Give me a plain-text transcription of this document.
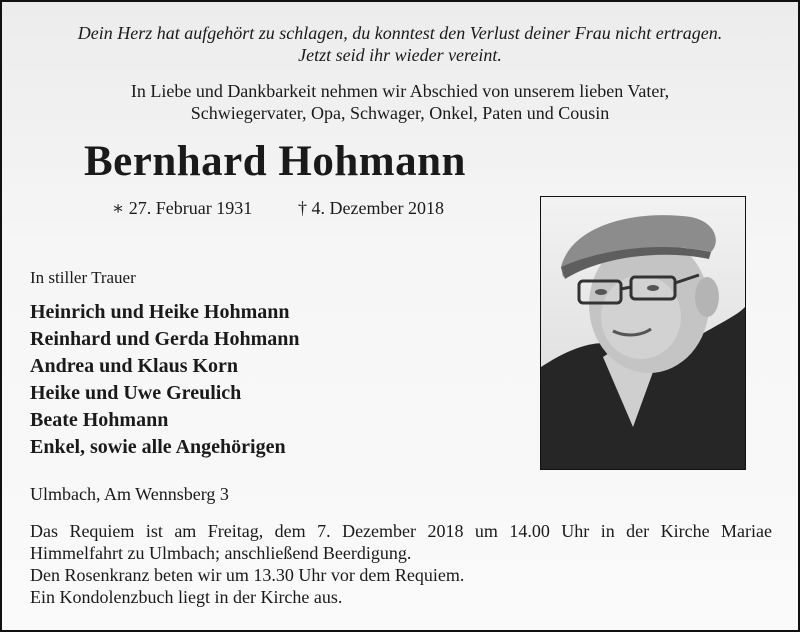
Dein Herz hat aufgehört zu schlagen, du konntest den Verlust deiner Frau nicht ertragen.
Jetzt seid ihr wieder vereint.
In Liebe und Dankbarkeit nehmen wir Abschied von unserem lieben Vater,
Schwiegervater, Opa, Schwager, Onkel, Paten und Cousin
Bernhard Hohmann
∗ 27. Februar 1931	† 4. Dezember 2018
In stiller Trauer
Heinrich und Heike Hohmann
Reinhard und Gerda Hohmann
Andrea und Klaus Korn
Heike und Uwe Greulich
Beate Hohmann
Enkel, sowie alle Angehörigen
Ulmbach, Am Wennsberg 3
Das Requiem ist am Freitag, dem 7. Dezember 2018 um 14.00 Uhr in der Kirche Mariae
Himmelfahrt zu Ulmbach; anschließend Beerdigung.
Den Rosenkranz beten wir um 13.30 Uhr vor dem Requiem.
Ein Kondolenzbuch liegt in der Kirche aus.
